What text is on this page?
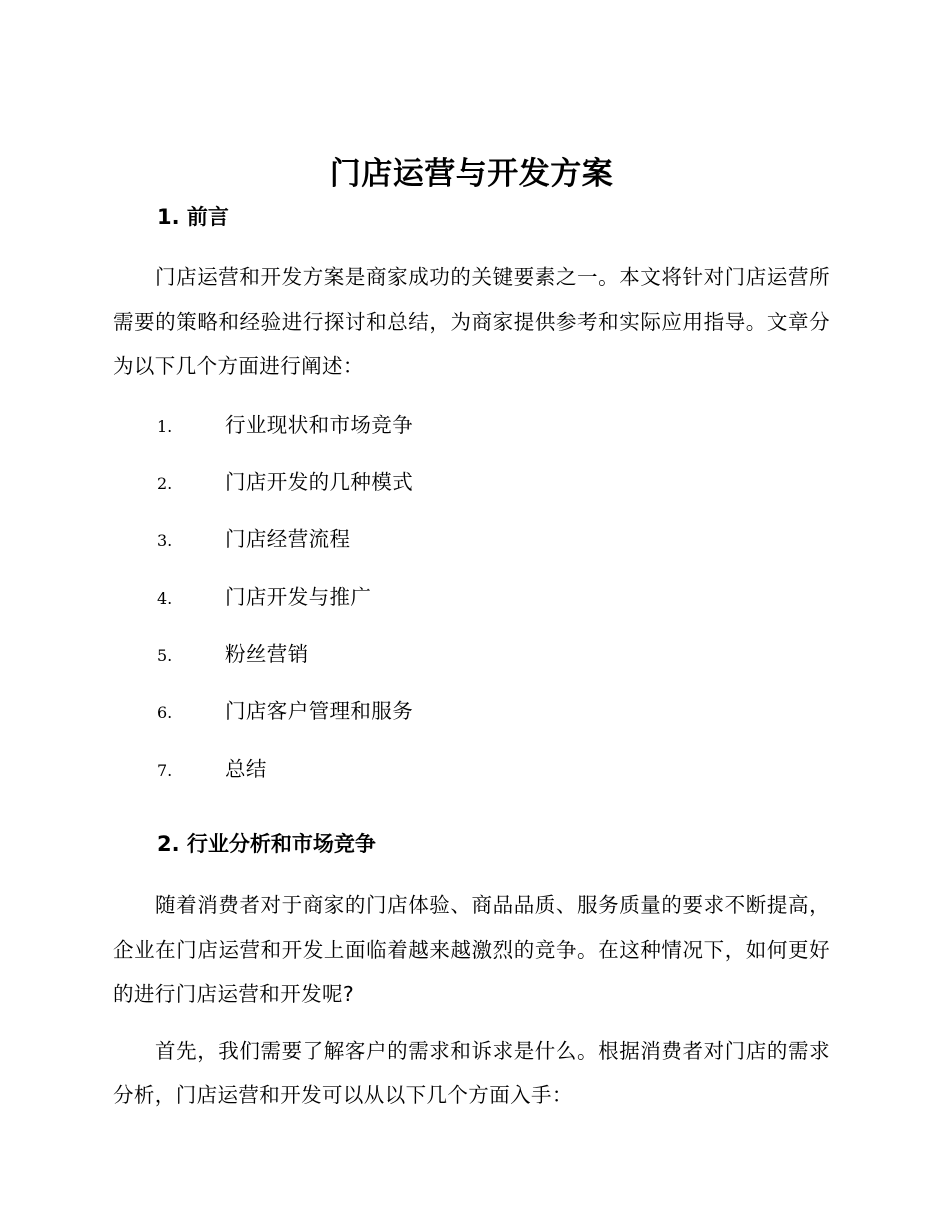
门店运营与开发方案
1. 前言

门店运营和开发方案是商家成功的关键要素之一。本文将针对门店运营所需要的策略和经验进行探讨和总结，为商家提供参考和实际应用指导。文章分为以下几个方面进行阐述：

1.	行业现状和市场竞争
2.	门店开发的几种模式
3.	门店经营流程
4.	门店开发与推广
5.	粉丝营销
6.	门店客户管理和服务
7.	总结
2. 行业分析和市场竞争

随着消费者对于商家的门店体验、商品品质、服务质量的要求不断提高，企业在门店运营和开发上面临着越来越激烈的竞争。在这种情况下，如何更好的进行门店运营和开发呢?

首先，我们需要了解客户的需求和诉求是什么。根据消费者对门店的需求分析，门店运营和开发可以从以下几个方面入手：
